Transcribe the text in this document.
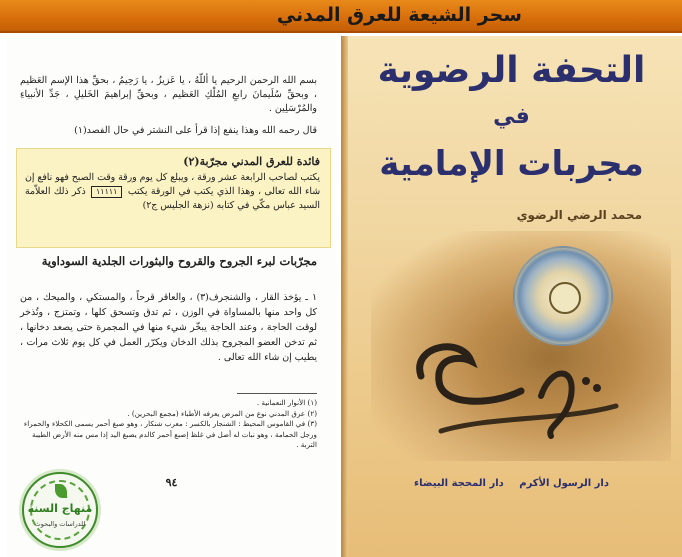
سحر الشيعة للعرق المدني
بسم الله الرحمن الرحيم يا أللّهُ ، يا عَزيزُ ، يا رَحِيمُ ، بحقِّ هذا الإسم العَظيم ، وبحقِّ سُلَيمانَ رابعِ المُلْكِ العَظيم ، وبحقِّ إبراهيمَ الخَليلِ ، جَدِّ الأنبياءِ والمُرْسَلِين .
قال رحمه الله وهذا ينفع إذا قرأ على النشتر في حال الفصد(١)
فائدة للعرق المدني مجرّبة(٢)
يكتب لصاحب الرابعة عشر ورقة ، ويبلع كل يوم ورقة وقت الصبح فهو نافع إن شاء الله تعالى ، وهذا الذي يكتب في الورقة يكتب ١١١١١ ذكر ذلك العلاّمة السيد عباس مكّي في كتابه (نزهة الجليس ج٢)
مجرّبات لبرء الجروح والقروح والبثورات الجلدية السوداوية
١ ـ يؤخذ القار ، والشنجرف(٣) ، والعاقر قرحاً ، والمستكي ، والميحك ، من كل واحد منها بالمساواة في الوزن ، ثم تدق وتسحق كلها ، وتمتزج ، وتُذخر لوقت الحاجة ، وعند الحاجة يبخّر شيء منها في المجمرة حتى يصعد دخانها ، ثم تدخن العضو المجروح بذلك الدخان ويكرّر العمل في كل يوم ثلاث مرات ، يطيب إن شاء الله تعالى .
(١) الأنوار النعمانية .
(٢) عرق المدني نوع من المرض يعرفه الأطباء (مجمع البحرين) .
(٣) في القاموس المحيط : الشنجار بالكسر : معرب شنكار ، وهو صبغ أحمر يسمى الكحلاء والحمراء ورجل الحمامة ، وهو نبات له أصل في غلظ إصبع أحمر كالدم يصبغ اليد إذا مس منه الأرض الطيبة التربة .
٩٤
منهاج السنة
للدراسات والبحوث
التحفة الرضوية
في
مجربات الإمامية
محمد الرضي الرضوي
دار الرسول الأكرم دار المحجة البيضاء
